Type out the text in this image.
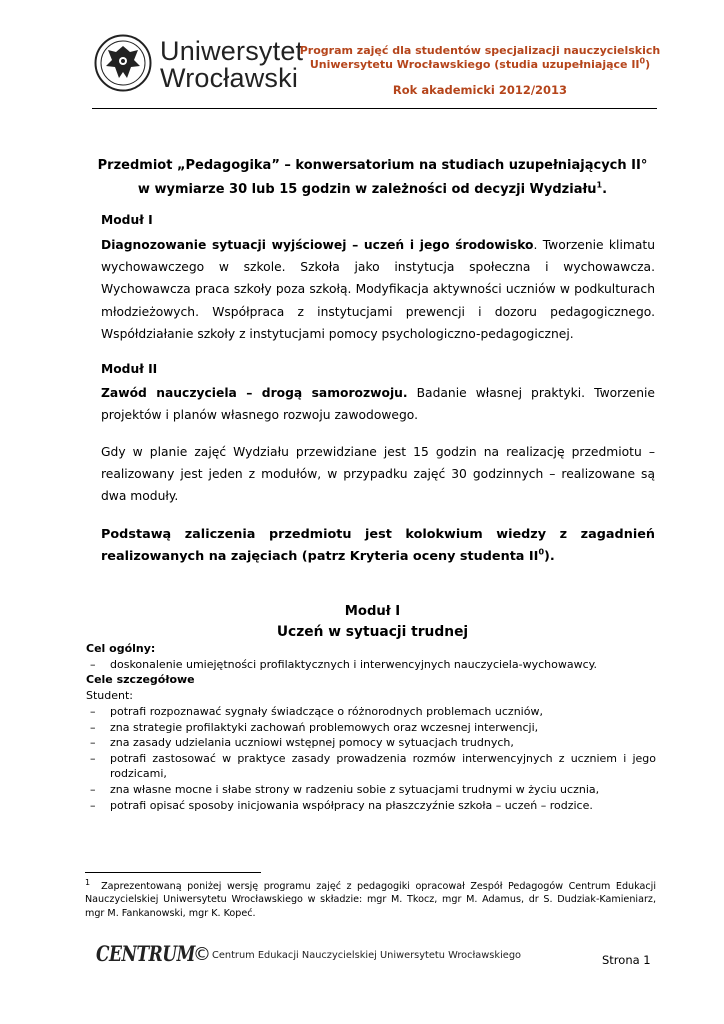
Uniwersytet
Wrocławski
Program zajęć dla studentów specjalizacji nauczycielskich
Uniwersytetu Wrocławskiego (studia uzupełniające $II^0$)
Rok akademicki 2012/2013
Przedmiot „Pedagogika” – konwersatorium na studiach uzupełniających II°
w wymiarze 30 lub 15 godzin w zależności od decyzji Wydziału$^1$.
Moduł I
Diagnozowanie sytuacji wyjściowej – uczeń i jego środowisko. Tworzenie klimatu wychowawczego w szkole. Szkoła jako instytucja społeczna i wychowawcza. Wychowawcza praca szkoły poza szkołą. Modyfikacja aktywności uczniów w podkulturach młodzieżowych. Współpraca z instytucjami prewencji i dozoru pedagogicznego. Współdziałanie szkoły z instytucjami pomocy psychologiczno-pedagogicznej.
Moduł II
Zawód nauczyciela – drogą samorozwoju. Badanie własnej praktyki. Tworzenie projektów i planów własnego rozwoju zawodowego.
Gdy w planie zajęć Wydziału przewidziane jest 15 godzin na realizację przedmiotu – realizowany jest jeden z modułów, w przypadku zajęć 30 godzinnych – realizowane są dwa moduły.
Podstawą zaliczenia przedmiotu jest kolokwium wiedzy z zagadnień realizowanych na zajęciach (patrz Kryteria oceny studenta $II^0$).
Moduł I
Uczeń w sytuacji trudnej
Cel ogólny:
– doskonalenie umiejętności profilaktycznych i interwencyjnych nauczyciela-wychowawcy.
Cele szczegółowe
Student:
– potrafi rozpoznawać sygnały świadczące o różnorodnych problemach uczniów,
– zna strategie profilaktyki zachowań problemowych oraz wczesnej interwencji,
– zna zasady udzielania uczniowi wstępnej pomocy w sytuacjach trudnych,
– potrafi zastosować w praktyce zasady prowadzenia rozmów interwencyjnych z uczniem i jego rodzicami,
– zna własne mocne i słabe strony w radzeniu sobie z sytuacjami trudnymi w życiu ucznia,
– potrafi opisać sposoby inicjowania współpracy na płaszczyźnie szkoła – uczeń – rodzice.
$^1$ Zaprezentowaną poniżej wersję programu zajęć z pedagogiki opracował Zespół Pedagogów Centrum Edukacji Nauczycielskiej Uniwersytetu Wrocławskiego w składzie: mgr M. Tkocz, mgr M. Adamus, dr S. Dudziak-Kamieniarz, mgr M. Fankanowski, mgr K. Kopeć.
CENTRUM
© Centrum Edukacji Nauczycielskiej Uniwersytetu Wrocławskiego	Strona 1
